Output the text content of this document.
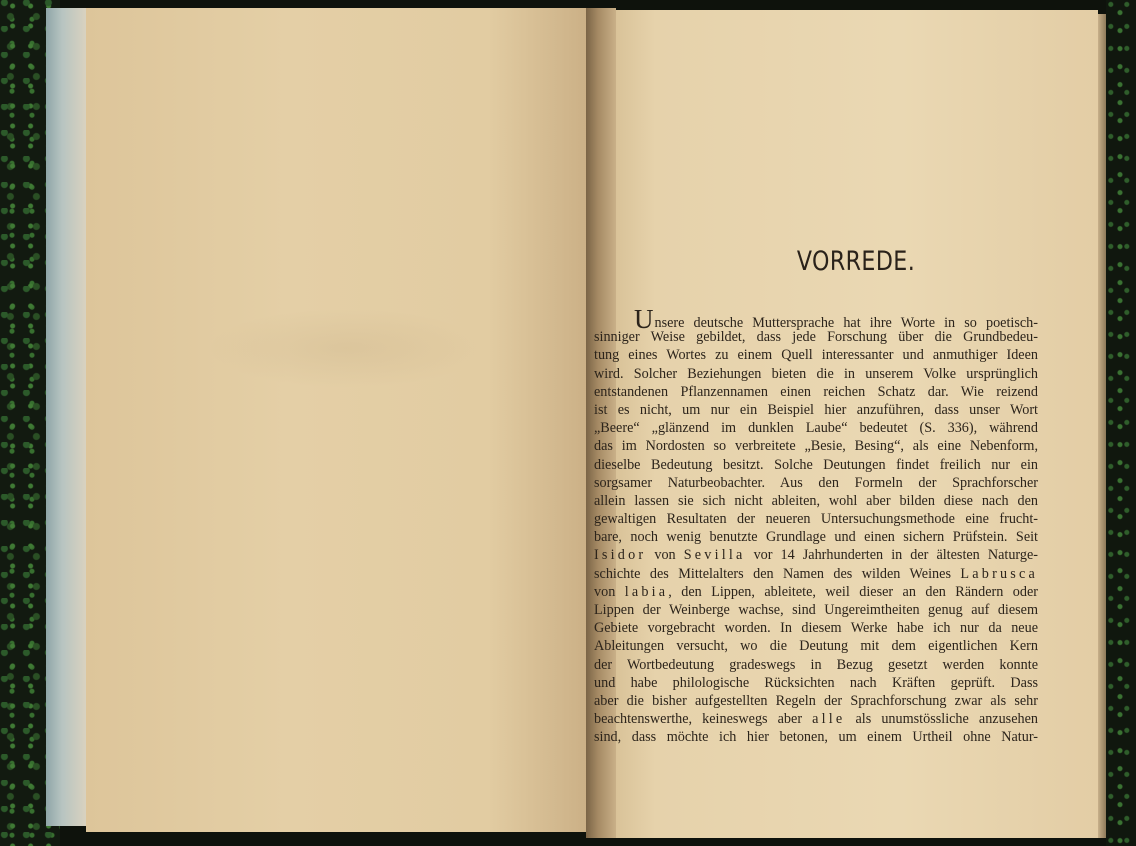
VORREDE.
Unsere deutsche Muttersprache hat ihre Worte in so poetisch-
sinniger Weise gebildet, dass jede Forschung über die Grundbedeu-
tung eines Wortes zu einem Quell interessanter und anmuthiger Ideen
wird. Solcher Beziehungen bieten die in unserem Volke ursprünglich
entstandenen Pflanzennamen einen reichen Schatz dar. Wie reizend
ist es nicht, um nur ein Beispiel hier anzuführen, dass unser Wort
„Beere“ „glänzend im dunklen Laube“ bedeutet (S. 336), während
das im Nordosten so verbreitete „Besie, Besing“, als eine Nebenform,
dieselbe Bedeutung besitzt. Solche Deutungen findet freilich nur ein
sorgsamer Naturbeobachter. Aus den Formeln der Sprachforscher
allein lassen sie sich nicht ableiten, wohl aber bilden diese nach den
gewaltigen Resultaten der neueren Untersuchungsmethode eine frucht-
bare, noch wenig benutzte Grundlage und einen sichern Prüfstein. Seit
Isidor von Sevilla vor 14 Jahrhunderten in der ältesten Naturge-
schichte des Mittelalters den Namen des wilden Weines Labrusca
von labia, den Lippen, ableitete, weil dieser an den Rändern oder
Lippen der Weinberge wachse, sind Ungereimtheiten genug auf diesem
Gebiete vorgebracht worden. In diesem Werke habe ich nur da neue
Ableitungen versucht, wo die Deutung mit dem eigentlichen Kern
der Wortbedeutung gradeswegs in Bezug gesetzt werden konnte
und habe philologische Rücksichten nach Kräften geprüft. Dass
aber die bisher aufgestellten Regeln der Sprachforschung zwar als sehr
beachtenswerthe, keineswegs aber alle als unumstössliche anzusehen
sind, dass möchte ich hier betonen, um einem Urtheil ohne Natur-
